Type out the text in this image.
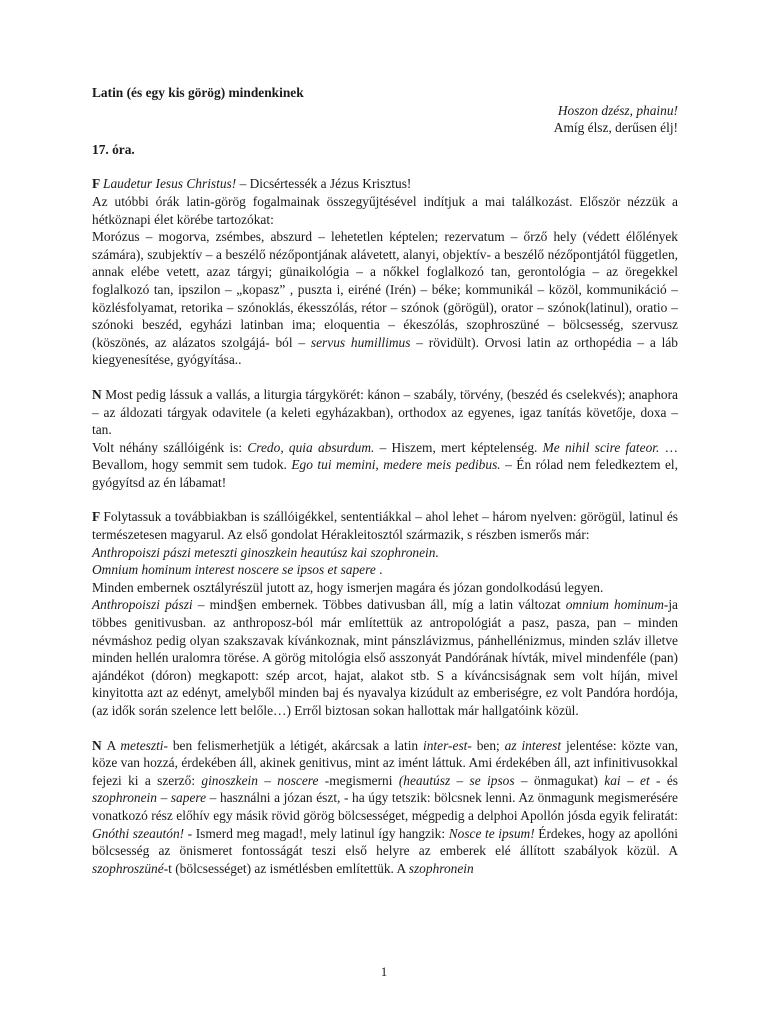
Latin (és egy kis görög) mindenkinek

Hoszon dzész, phainu!

Amíg élsz, derűsen élj!

17. óra.

F Laudetur Iesus Christus! – Dicsértessék a Jézus Krisztus!
Az utóbbi órák latin-görög fogalmainak összegyűjtésével indítjuk a mai találkozást. Először nézzük a hétköznapi élet körébe tartozókat:
Morózus – mogorva, zsémbes, abszurd – lehetetlen képtelen; rezervatum – őrző hely (védett élőlények számára), szubjektív – a beszélő nézőpontjának alávetett, alanyi, objektív- a beszélő nézőpontjától független, annak elébe vetett, azaz tárgyi; günaikológia – a nőkkel foglalkozó tan, gerontológia – az öregekkel foglalkozó tan, ipszilon – „kopasz” , puszta i, eiréné (Irén) – béke; kommunikál – közöl, kommunikáció – közlésfolyamat, retorika – szónoklás, ékesszólás, rétor – szónok (görögül), orator – szónok(latinul), oratio – szónoki beszéd, egyházi latinban ima; eloquentia – ékeszólás, szophroszüné – bölcsesség, szervusz (köszönés, az alázatos szolgájá- ból – servus humillimus – rövidült). Orvosi latin az orthopédia – a láb kiegyenesítése, gyógyítása..

N Most pedig lássuk a vallás, a liturgia tárgykörét: kánon – szabály, törvény, (beszéd és cselekvés); anaphora – az áldozati tárgyak odavitele (a keleti egyházakban), orthodox az egyenes, igaz tanítás követője, doxa – tan.
Volt néhány szállóigénk is: Credo, quia absurdum. – Hiszem, mert képtelenség. Me nihil scire fateor. … Bevallom, hogy semmit sem tudok. Ego tui memini, medere meis pedibus. – Én rólad nem feledkeztem el, gyógyítsd az én lábamat!

F Folytassuk a továbbiakban is szállóigékkel, sententiákkal – ahol lehet – három nyelven: görögül, latinul és természetesen magyarul. Az első gondolat Hérakleitosztól származik, s részben ismerős már:
Anthropoiszi pászi meteszti ginoszkein heautúsz kai szophronein.
Omnium hominum interest noscere se ipsos et sapere .
Minden embernek osztályrészül jutott az, hogy ismerjen magára és józan gondolkodású legyen.
Anthropoiszi pászi – mind§en embernek. Többes dativusban áll, míg a latin változat omnium hominum-ja többes genitivusban. az anthroposz-ból már említettük az antropológiát a pasz, pasza, pan – minden névmáshoz pedig olyan szakszavak kívánkoznak, mint pánszlávizmus, pánhellénizmus, minden szláv illetve minden hellén uralomra törése. A görög mitológia első asszonyát Pandórának hívták, mivel mindenféle (pan) ajándékot (dóron) megkapott: szép arcot, hajat, alakot stb. S a kíváncsiságnak sem volt híján, mivel kinyitotta azt az edényt, amelyből minden baj és nyavalya kizúdult az emberiségre, ez volt Pandóra hordója, (az idők során szelence lett belőle…) Erről biztosan sokan hallottak már hallgatóink közül.

N A meteszti- ben felismerhetjük a létigét, akárcsak a latin inter-est- ben; az interest jelentése: közte van, köze van hozzá, érdekében áll, akinek genitivus, mint az imént láttuk. Ami érdekében áll, azt infinitivusokkal fejezi ki a szerző: ginoszkein – noscere -megismerni (heautúsz – se ipsos – önmagukat) kai – et - és szophronein – sapere – használni a józan észt, - ha úgy tetszik: bölcsnek lenni. Az önmagunk megismerésére vonatkozó rész előhív egy másik rövid görög bölcsességet, mégpedig a delphoi Apollón jósda egyik feliratát: Gnóthi szeautón! - Ismerd meg magad!, mely latinul így hangzik: Nosce te ipsum! Érdekes, hogy az apollóni bölcsesség az önismeret fontosságát teszi első helyre az emberek elé állított szabályok közül. A szophroszüné-t (bölcsességet) az ismétlésben említettük. A szophronein

1
